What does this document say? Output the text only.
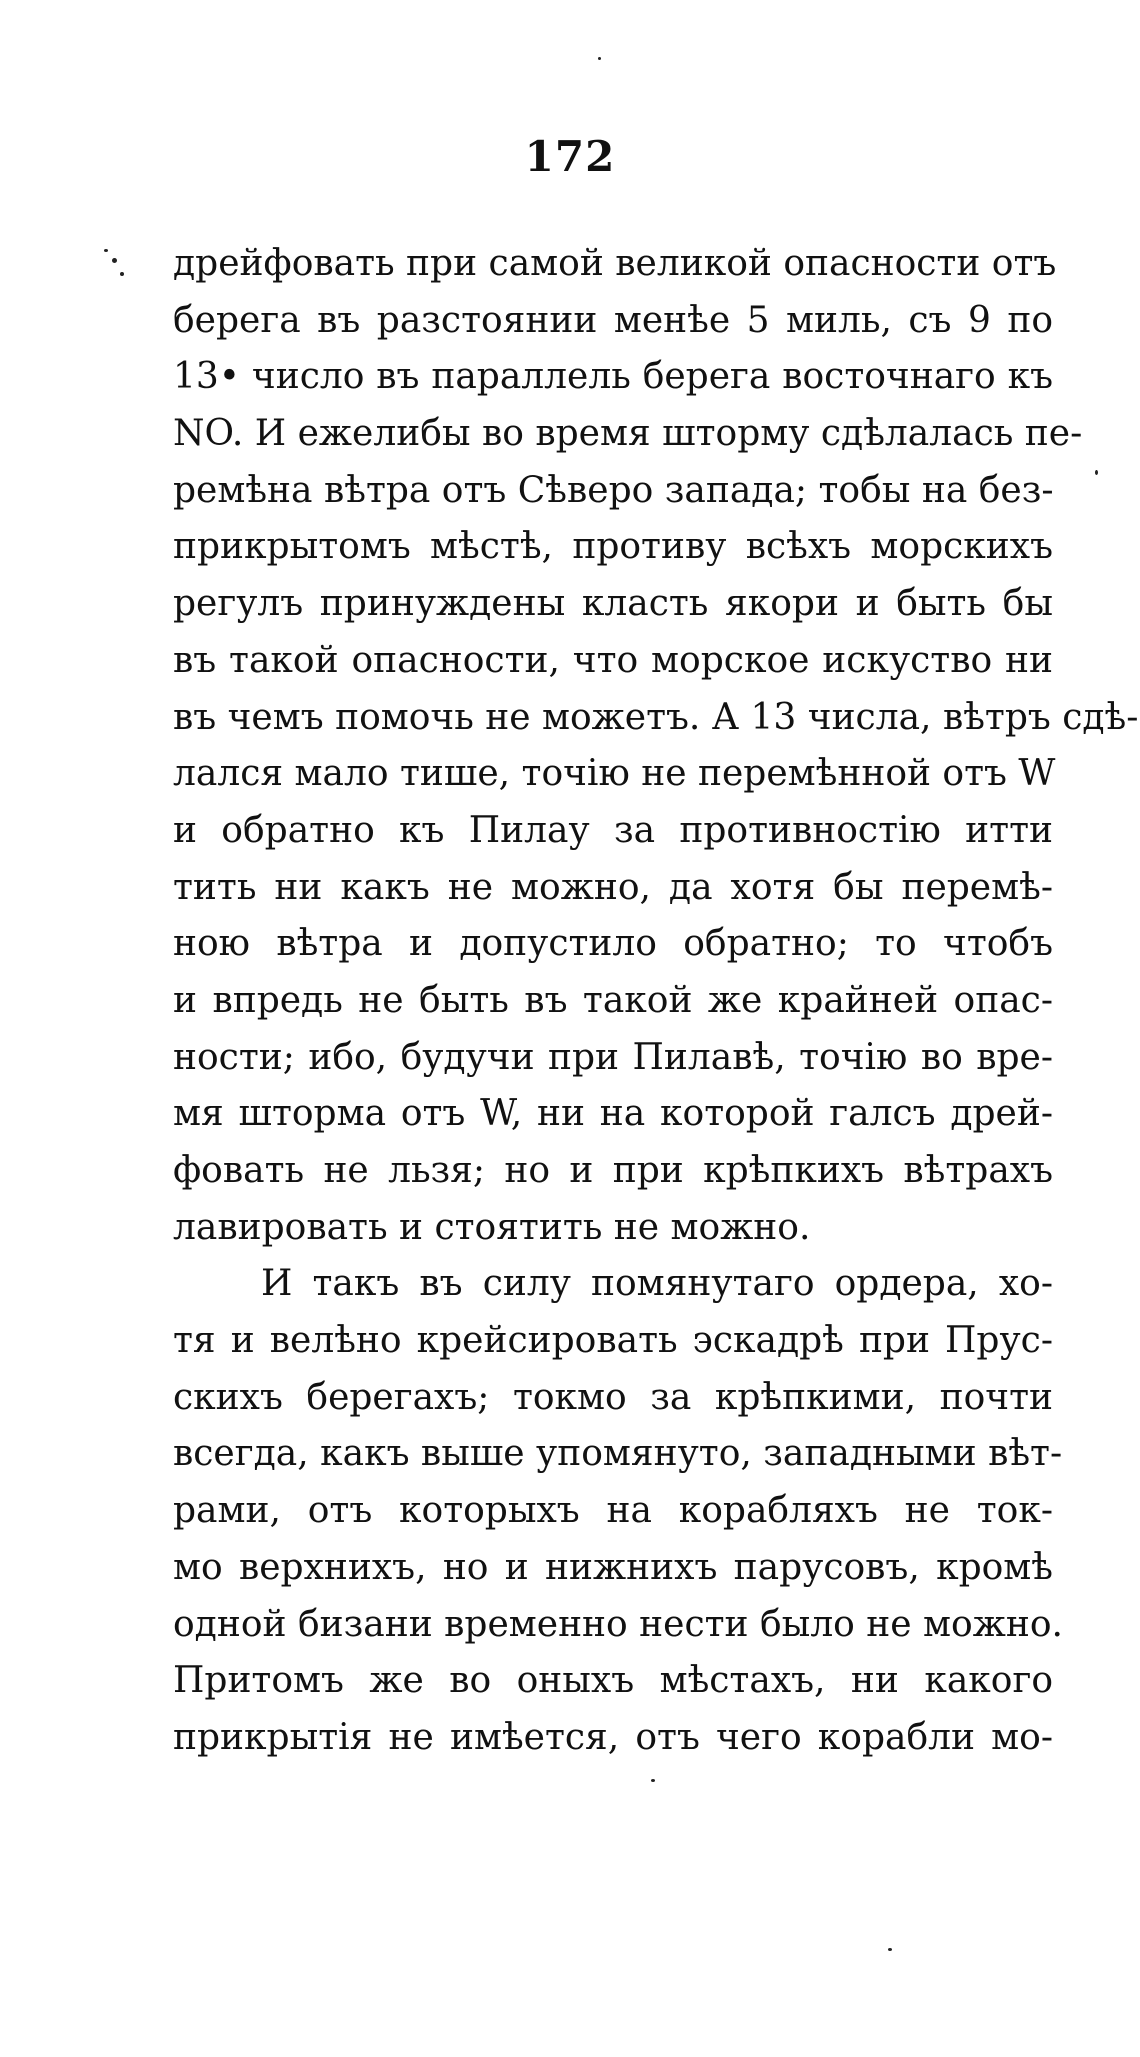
172
дрейфовать при самой великой опасности отъ
берега въ разстоянии менѣе 5 миль, съ 9 по
13• число въ параллель берега восточнаго къ
NO. И ежелибы во время шторму сдѣлалась пе-
ремѣна вѣтра отъ Сѣверо запада; тобы на без-
прикрытомъ мѣстѣ, противу всѣхъ морскихъ
регулъ принуждены класть якори и быть бы
въ такой опасности, что морское искуство ни
въ чемъ помочь не можетъ. А 13 числа, вѣтръ сдѣ-
лался мало тише, точію не перемѣнной отъ W
и обратно къ Пилау за противностію итти
тить ни какъ не можно, да хотя бы перемѣ-
ною вѣтра и допустило обратно; то чтобъ
и впредь не быть въ такой же крайней опас-
ности; ибо, будучи при Пилавѣ, точію во вре-
мя шторма отъ W, ни на которой галсъ дрей-
фовать не льзя; но и при крѣпкихъ вѣтрахъ
лавировать и стоятить не можно.
И такъ въ силу помянутаго ордера, хо-
тя и велѣно крейсировать эскадрѣ при Прус-
скихъ берегахъ; токмо за крѣпкими, почти
всегда, какъ выше упомянуто, западными вѣт-
рами, отъ которыхъ на корабляхъ не ток-
мо верхнихъ, но и нижнихъ парусовъ, кромѣ
одной бизани временно нести было не можно.
Притомъ же во оныхъ мѣстахъ, ни какого
прикрытія не имѣется, отъ чего корабли мо-
